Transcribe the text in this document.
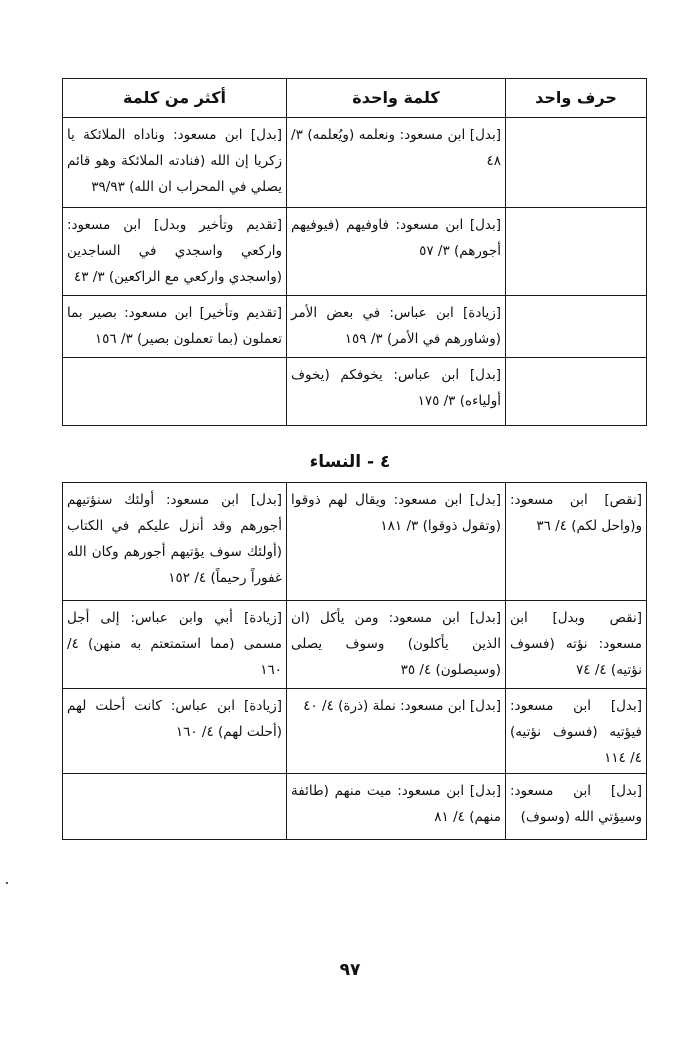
حرف واحد	كلمة واحدة	أكثر من كلمة
	[بدل] ابن مسعود: ونعلمه (ويُعلمه) ٣/ ٤٨	[بدل] ابن مسعود: وناداه الملائكة يا زكريا إن الله (فنادته الملائكة وهو قائم يصلي في المحراب ان الله) ٣٩/٩٣
	[بدل] ابن مسعود: فاوفيهم (فيوفيهم أجورهم) ٣/ ٥٧	[تقديم وتأخير وبدل] ابن مسعود: واركعي واسجدي في الساجدين (واسجدي واركعي مع الراكعين) ٣/ ٤٣
	[زيادة] ابن عباس: في بعض الأمر (وشاورهم في الأمر) ٣/ ١٥٩	[تقديم وتأخير] ابن مسعود: بصير بما تعملون (بما تعملون بصير) ٣/ ١٥٦
	[بدل] ابن عباس: يخوفكم (يخوف أولياءه) ٣/ ١٧٥	
٤ - النساء
[نقص] ابن مسعود: و(واحل لكم) ٤/ ٣٦	[بدل] ابن مسعود: ويقال لهم ذوقوا (وتقول ذوقوا) ٣/ ١٨١	[بدل] ابن مسعود: أولئك سنؤتيهم أجورهم وقد أنزل عليكم في الكتاب (أولئك سوف يؤتيهم أجورهم وكان الله غفوراً رحيماً) ٤/ ١٥٢
[نقص وبدل] ابن مسعود: نؤته (فسوف نؤتيه) ٤/ ٧٤	[بدل] ابن مسعود: ومن يأكل (ان الذين يأكلون) وسوف يصلى (وسيصلون) ٤/ ٣٥	[زيادة] أبي وابن عباس: إلى أجل مسمى (مما استمتعتم به منهن) ٤/ ١٦٠
[بدل] ابن مسعود: فيؤتيه (فسوف نؤتيه) ٤/ ١١٤	[بدل] ابن مسعود: نملة (ذرة) ٤/ ٤٠	[زيادة] ابن عباس: كانت أحلت لهم (أحلت لهم) ٤/ ١٦٠
[بدل] ابن مسعود: وسيؤتي الله (وسوف)	[بدل] ابن مسعود: ميت منهم (طائفة منهم) ٤/ ٨١	
٩٧
